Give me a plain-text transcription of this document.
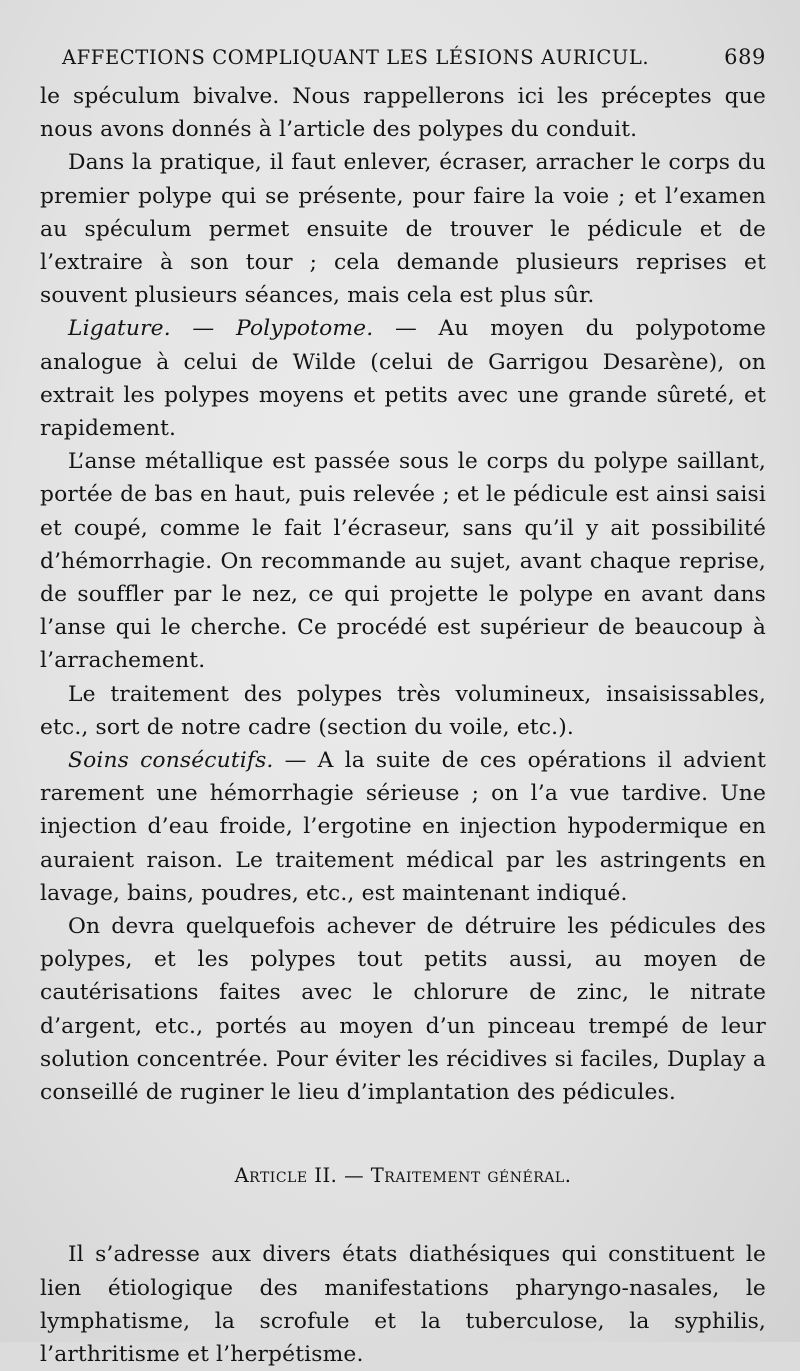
AFFECTIONS COMPLIQUANT LES LÉSIONS AURICUL.	689

le spéculum bivalve. Nous rappellerons ici les préceptes que nous avons donnés à l’article des polypes du conduit.

Dans la pratique, il faut enlever, écraser, arracher le corps du premier polype qui se présente, pour faire la voie ; et l’examen au spéculum permet ensuite de trouver le pédicule et de l’extraire à son tour ; cela demande plusieurs reprises et souvent plusieurs séances, mais cela est plus sûr.

Ligature. — Polypotome. — Au moyen du polypotome analogue à celui de Wilde (celui de Garrigou Desarène), on extrait les polypes moyens et petits avec une grande sûreté, et rapidement.

L’anse métallique est passée sous le corps du polype saillant, portée de bas en haut, puis relevée ; et le pédicule est ainsi saisi et coupé, comme le fait l’écraseur, sans qu’il y ait possibilité d’hémorrhagie. On recommande au sujet, avant chaque reprise, de souffler par le nez, ce qui projette le polype en avant dans l’anse qui le cherche. Ce procédé est supérieur de beaucoup à l’arrachement.

Le traitement des polypes très volumineux, insaisissables, etc., sort de notre cadre (section du voile, etc.).

Soins consécutifs. — A la suite de ces opérations il advient rarement une hémorrhagie sérieuse ; on l’a vue tardive. Une injection d’eau froide, l’ergotine en injection hypodermique en auraient raison. Le traitement médical par les astringents en lavage, bains, poudres, etc., est maintenant indiqué.

On devra quelquefois achever de détruire les pédicules des polypes, et les polypes tout petits aussi, au moyen de cautérisations faites avec le chlorure de zinc, le nitrate d’argent, etc., portés au moyen d’un pinceau trempé de leur solution concentrée. Pour éviter les récidives si faciles, Duplay a conseillé de ruginer le lieu d’implantation des pédicules.

Article II. — Traitement général.

Il s’adresse aux divers états diathésiques qui constituent le lien étiologique des manifestations pharyngo-nasales, le lymphatisme, la scrofule et la tuberculose, la syphilis, l’arthritisme et l’herpétisme.
